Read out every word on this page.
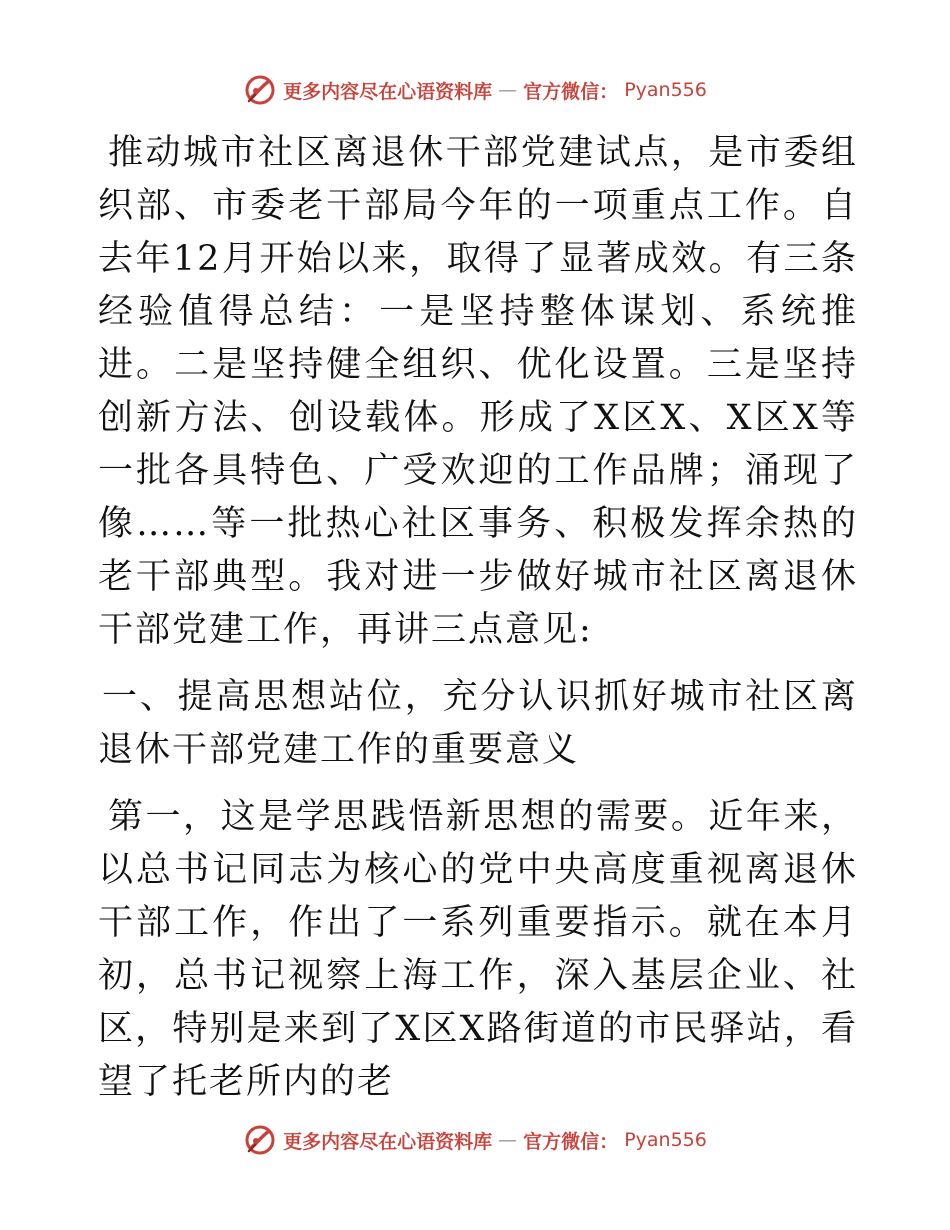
更多内容尽在心语资料库 — 官方微信： Pyan556

推动城市社区离退休干部党建试点，是市委组织部、市委老干部局今年的一项重点工作。自去年12月开始以来，取得了显著成效。有三条经验值得总结：一是坚持整体谋划、系统推进。二是坚持健全组织、优化设置。三是坚持创新方法、创设载体。形成了X区X、X区X等一批各具特色、广受欢迎的工作品牌；涌现了像……等一批热心社区事务、积极发挥余热的老干部典型。我对进一步做好城市社区离退休干部党建工作，再讲三点意见:

一、提高思想站位，充分认识抓好城市社区离退休干部党建工作的重要意义

第一，这是学思践悟新思想的需要。近年来，以总书记同志为核心的党中央高度重视离退休干部工作，作出了一系列重要指示。就在本月初，总书记视察上海工作，深入基层企业、社区，特别是来到了X区X路街道的市民驿站，看望了托老所内的老

更多内容尽在心语资料库 — 官方微信： Pyan556
